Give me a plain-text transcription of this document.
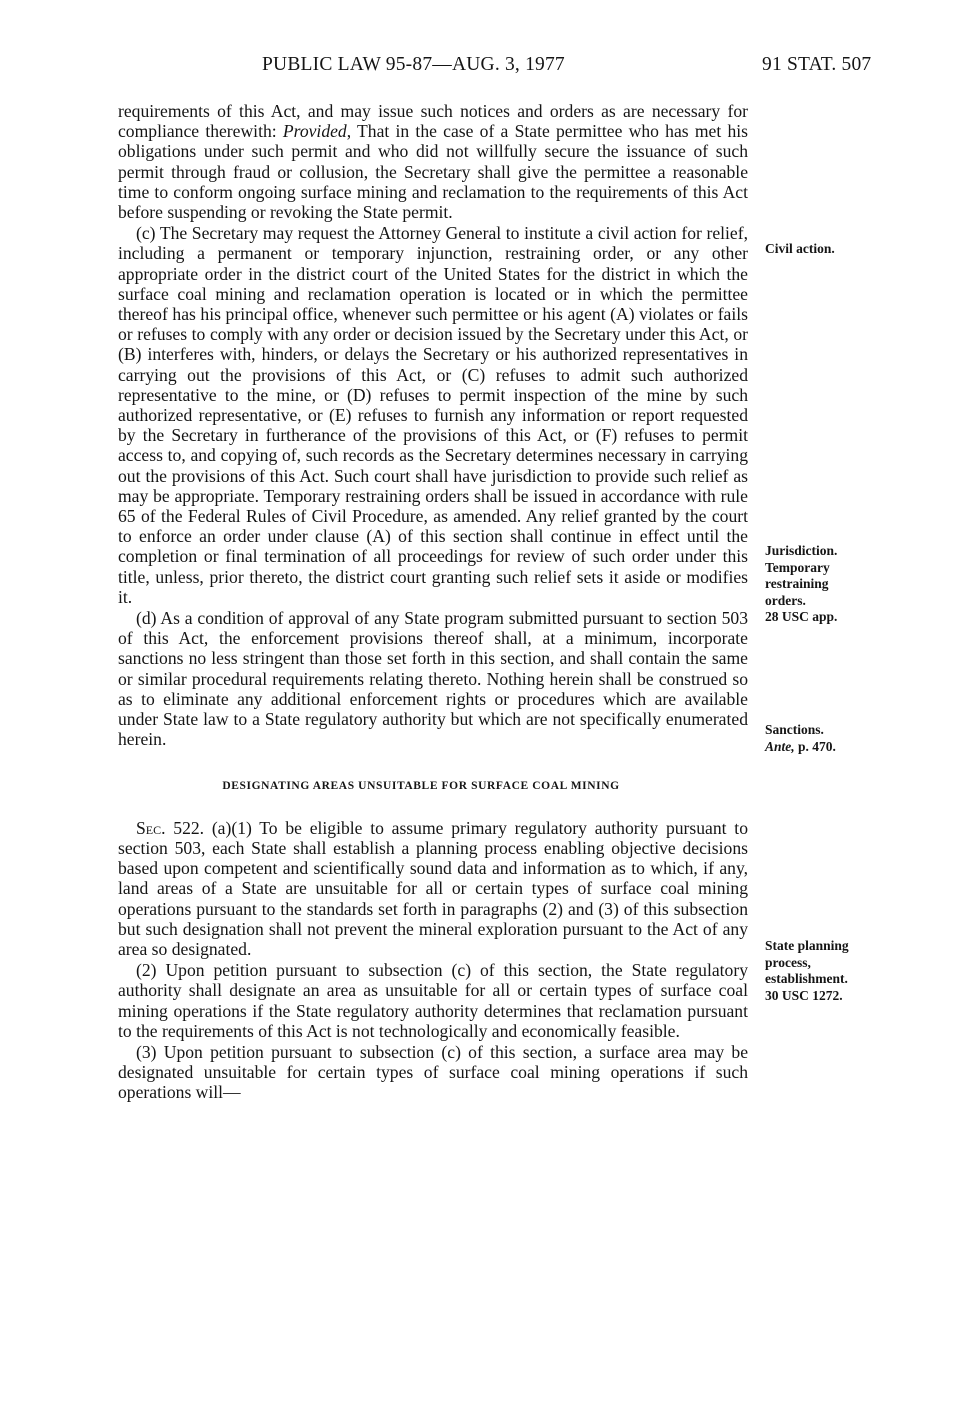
PUBLIC LAW 95-87—AUG. 3, 1977	91 STAT. 507

requirements of this Act, and may issue such notices and orders as are necessary for compliance therewith: Provided, That in the case of a State permittee who has met his obligations under such permit and who did not willfully secure the issuance of such permit through fraud or collusion, the Secretary shall give the permittee a reasonable time to conform ongoing surface mining and reclamation to the requirements of this Act before suspending or revoking the State permit.

(c) The Secretary may request the Attorney General to institute a civil action for relief, including a permanent or temporary injunction, restraining order, or any other appropriate order in the district court of the United States for the district in which the surface coal mining and reclamation operation is located or in which the permittee thereof has his principal office, whenever such permittee or his agent (A) violates or fails or refuses to comply with any order or decision issued by the Secretary under this Act, or (B) interferes with, hinders, or delays the Secretary or his authorized representatives in carrying out the provisions of this Act, or (C) refuses to admit such authorized representative to the mine, or (D) refuses to permit inspection of the mine by such authorized representative, or (E) refuses to furnish any information or report requested by the Secretary in furtherance of the provisions of this Act, or (F) refuses to permit access to, and copying of, such records as the Secretary determines necessary in carrying out the provisions of this Act. Such court shall have jurisdiction to provide such relief as may be appropriate. Temporary restraining orders shall be issued in accordance with rule 65 of the Federal Rules of Civil Procedure, as amended. Any relief granted by the court to enforce an order under clause (A) of this section shall continue in effect until the completion or final termination of all proceedings for review of such order under this title, unless, prior thereto, the district court granting such relief sets it aside or modifies it.

(d) As a condition of approval of any State program submitted pursuant to section 503 of this Act, the enforcement provisions thereof shall, at a minimum, incorporate sanctions no less stringent than those set forth in this section, and shall contain the same or similar procedural requirements relating thereto. Nothing herein shall be construed so as to eliminate any additional enforcement rights or procedures which are available under State law to a State regulatory authority but which are not specifically enumerated herein.

DESIGNATING AREAS UNSUITABLE FOR SURFACE COAL MINING

Sec. 522. (a)(1) To be eligible to assume primary regulatory authority pursuant to section 503, each State shall establish a planning process enabling objective decisions based upon competent and scientifically sound data and information as to which, if any, land areas of a State are unsuitable for all or certain types of surface coal mining operations pursuant to the standards set forth in paragraphs (2) and (3) of this subsection but such designation shall not prevent the mineral exploration pursuant to the Act of any area so designated.

(2) Upon petition pursuant to subsection (c) of this section, the State regulatory authority shall designate an area as unsuitable for all or certain types of surface coal mining operations if the State regulatory authority determines that reclamation pursuant to the requirements of this Act is not technologically and economically feasible.

(3) Upon petition pursuant to subsection (c) of this section, a surface area may be designated unsuitable for certain types of surface coal mining operations if such operations will—

Civil action.
Jurisdiction.
Temporary
restraining
orders.
28 USC app.
Sanctions.
Ante, p. 470.
State planning
process,
establishment.
30 USC 1272.
